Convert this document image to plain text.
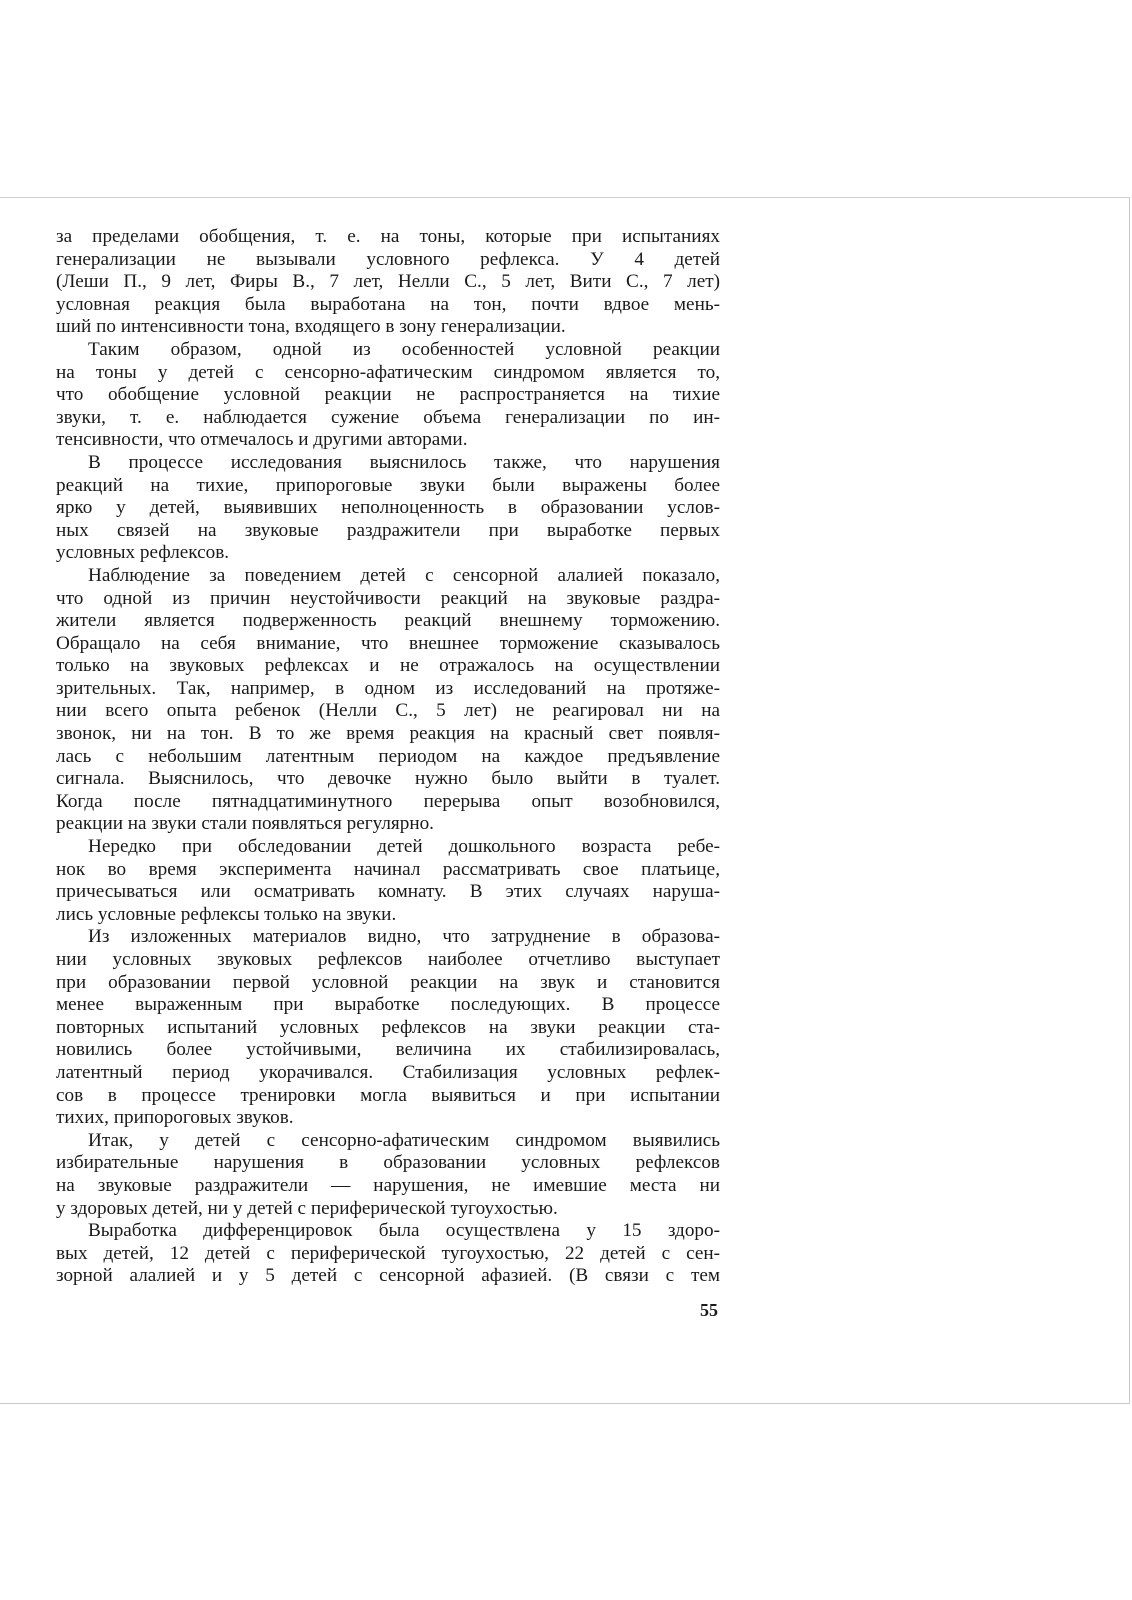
за пределами обобщения, т. е. на тоны, которые при испытаниях
генерализации не вызывали условного рефлекса. У 4 детей
(Леши П., 9 лет, Фиры В., 7 лет, Нелли С., 5 лет, Вити С., 7 лет)
условная реакция была выработана на тон, почти вдвое мень-
ший по интенсивности тона, входящего в зону генерализации.
Таким образом, одной из особенностей условной реакции
на тоны у детей с сенсорно-афатическим синдромом является то,
что обобщение условной реакции не распространяется на тихие
звуки, т. е. наблюдается сужение объема генерализации по ин-
тенсивности, что отмечалось и другими авторами.
В процессе исследования выяснилось также, что нарушения
реакций на тихие, припороговые звуки были выражены более
ярко у детей, выявивших неполноценность в образовании услов-
ных связей на звуковые раздражители при выработке первых
условных рефлексов.
Наблюдение за поведением детей с сенсорной алалией показало,
что одной из причин неустойчивости реакций на звуковые раздра-
жители является подверженность реакций внешнему торможению.
Обращало на себя внимание, что внешнее торможение сказывалось
только на звуковых рефлексах и не отражалось на осуществлении
зрительных. Так, например, в одном из исследований на протяже-
нии всего опыта ребенок (Нелли С., 5 лет) не реагировал ни на
звонок, ни на тон. В то же время реакция на красный свет появля-
лась с небольшим латентным периодом на каждое предъявление
сигнала. Выяснилось, что девочке нужно было выйти в туалет.
Когда после пятнадцатиминутного перерыва опыт возобновился,
реакции на звуки стали появляться регулярно.
Нередко при обследовании детей дошкольного возраста ребе-
нок во время эксперимента начинал рассматривать свое платьице,
причесываться или осматривать комнату. В этих случаях наруша-
лись условные рефлексы только на звуки.
Из изложенных материалов видно, что затруднение в образова-
нии условных звуковых рефлексов наиболее отчетливо выступает
при образовании первой условной реакции на звук и становится
менее выраженным при выработке последующих. В процессе
повторных испытаний условных рефлексов на звуки реакции ста-
новились более устойчивыми, величина их стабилизировалась,
латентный период укорачивался. Стабилизация условных рефлек-
сов в процессе тренировки могла выявиться и при испытании
тихих, припороговых звуков.
Итак, у детей с сенсорно-афатическим синдромом выявились
избирательные нарушения в образовании условных рефлексов
на звуковые раздражители — нарушения, не имевшие места ни
у здоровых детей, ни у детей с периферической тугоухостью.
Выработка дифференцировок была осуществлена у 15 здоро-
вых детей, 12 детей с периферической тугоухостью, 22 детей с сен-
зорной алалией и у 5 детей с сенсорной афазией. (В связи с тем
55
